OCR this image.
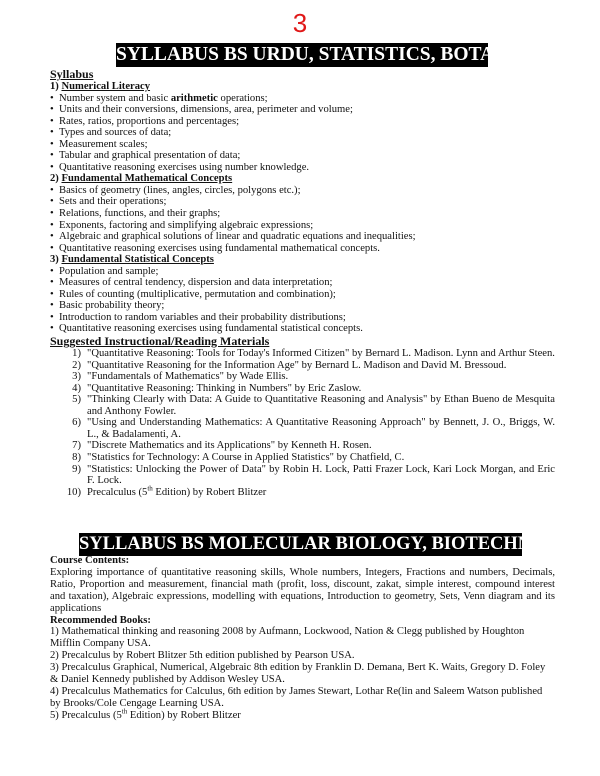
3
SYLLABUS BS URDU, STATISTICS, BOTANY
Syllabus
1) Numerical Literacy
• Number system and basic arithmetic operations;
• Units and their conversions, dimensions, area, perimeter and volume;
• Rates, ratios, proportions and percentages;
• Types and sources of data;
• Measurement scales;
• Tabular and graphical presentation of data;
• Quantitative reasoning exercises using number knowledge.
2) Fundamental Mathematical Concepts
• Basics of geometry (lines, angles, circles, polygons etc.);
• Sets and their operations;
• Relations, functions, and their graphs;
• Exponents, factoring and simplifying algebraic expressions;
• Algebraic and graphical solutions of linear and quadratic equations and inequalities;
• Quantitative reasoning exercises using fundamental mathematical concepts.
3) Fundamental Statistical Concepts
• Population and sample;
• Measures of central tendency, dispersion and data interpretation;
• Rules of counting (multiplicative, permutation and combination);
• Basic probability theory;
• Introduction to random variables and their probability distributions;
• Quantitative reasoning exercises using fundamental statistical concepts.
Suggested Instructional/Reading Materials
1) "Quantitative Reasoning: Tools for Today's Informed Citizen" by Bernard L. Madison. Lynn and Arthur Steen.
2) "Quantitative Reasoning for the Information Age" by Bernard L. Madison and David M. Bressoud.
3) "Fundamentals of Mathematics" by Wade Ellis.
4) "Quantitative Reasoning: Thinking in Numbers" by Eric Zaslow.
5) "Thinking Clearly with Data: A Guide to Quantitative Reasoning and Analysis" by Ethan Bueno de Mesquita and Anthony Fowler.
6) "Using and Understanding Mathematics: A Quantitative Reasoning Approach" by Bennett, J. O., Briggs, W. L., & Badalamenti, A.
7) "Discrete Mathematics and its Applications" by Kenneth H. Rosen.
8) "Statistics for Technology: A Course in Applied Statistics" by Chatfield, C.
9) "Statistics: Unlocking the Power of Data" by Robin H. Lock, Patti Frazer Lock, Kari Lock Morgan, and Eric F. Lock.
10) Precalculus (5th Edition) by Robert Blitzer
SYLLABUS BS MOLECULAR BIOLOGY, BIOTECHNOLOGY
Course Contents:
Exploring importance of quantitative reasoning skills, Whole numbers, Integers, Fractions and numbers, Decimals, Ratio, Proportion and measurement, financial math (profit, loss, discount, zakat, simple interest, compound interest and taxation), Algebraic expressions, modelling with equations, Introduction to geometry, Sets, Venn diagram and its applications
Recommended Books:
1) Mathematical thinking and reasoning 2008 by Aufmann, Lockwood, Nation & Clegg published by Houghton Mifflin Company USA.
2) Precalculus by Robert Blitzer 5th edition published by Pearson USA.
3) Precalculus Graphical, Numerical, Algebraic 8th edition by Franklin D. Demana, Bert K. Waits, Gregory D. Foley & Daniel Kennedy published by Addison Wesley USA.
4) Precalculus Mathematics for Calculus, 6th edition by James Stewart, Lothar Re(lin and Saleem Watson published by Brooks/Cole Cengage Learning USA.
5) Precalculus (5th Edition) by Robert Blitzer
